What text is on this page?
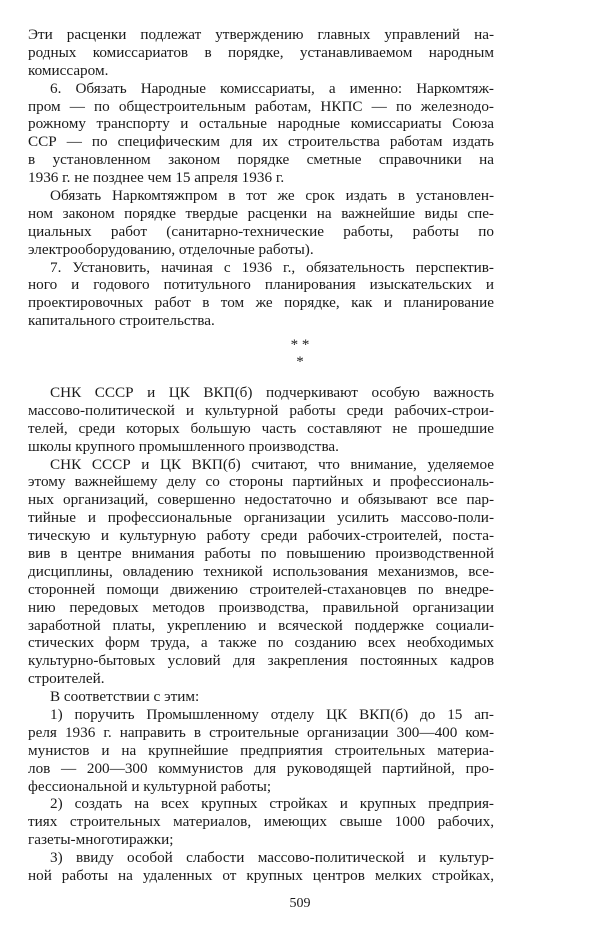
Эти расценки подлежат утверждению главных управлений на-
родных комиссариатов в порядке, устанавливаемом народным
комиссаром.
6. Обязать Народные комиссариаты, а именно: Наркомтяж-
пром — по общестроительным работам, НКПС — по железнодо-
рожному транспорту и остальные народные комиссариаты Союза
ССР — по специфическим для их строительства работам издать
в установленном законом порядке сметные справочники на
1936 г. не позднее чем 15 апреля 1936 г.
Обязать Наркомтяжпром в тот же срок издать в установлен-
ном законом порядке твердые расценки на важнейшие виды спе-
циальных работ (санитарно-технические работы, работы по
электрооборудованию, отделочные работы).
7. Установить, начиная с 1936 г., обязательность перспектив-
ного и годового потитульного планирования изыскательских и
проектировочных работ в том же порядке, как и планирование
капитального строительства.
* *
*
СНК СССР и ЦК ВКП(б) подчеркивают особую важность
массово-политической и культурной работы среди рабочих-строи-
телей, среди которых большую часть составляют не прошедшие
школы крупного промышленного производства.
СНК СССР и ЦК ВКП(б) считают, что внимание, уделяемое
этому важнейшему делу со стороны партийных и профессиональ-
ных организаций, совершенно недостаточно и обязывают все пар-
тийные и профессиональные организации усилить массово-поли-
тическую и культурную работу среди рабочих-строителей, поста-
вив в центре внимания работы по повышению производственной
дисциплины, овладению техникой использования механизмов, все-
сторонней помощи движению строителей-стахановцев по внедре-
нию передовых методов производства, правильной организации
заработной платы, укреплению и всяческой поддержке социали-
стических форм труда, а также по созданию всех необходимых
культурно-бытовых условий для закрепления постоянных кадров
строителей.
В соответствии с этим:
1) поручить Промышленному отделу ЦК ВКП(б) до 15 ап-
реля 1936 г. направить в строительные организации 300—400 ком-
мунистов и на крупнейшие предприятия строительных материа-
лов — 200—300 коммунистов для руководящей партийной, про-
фессиональной и культурной работы;
2) создать на всех крупных стройках и крупных предприя-
тиях строительных материалов, имеющих свыше 1000 рабочих,
газеты-многотиражки;
3) ввиду особой слабости массово-политической и культур-
ной работы на удаленных от крупных центров мелких стройках,
509
